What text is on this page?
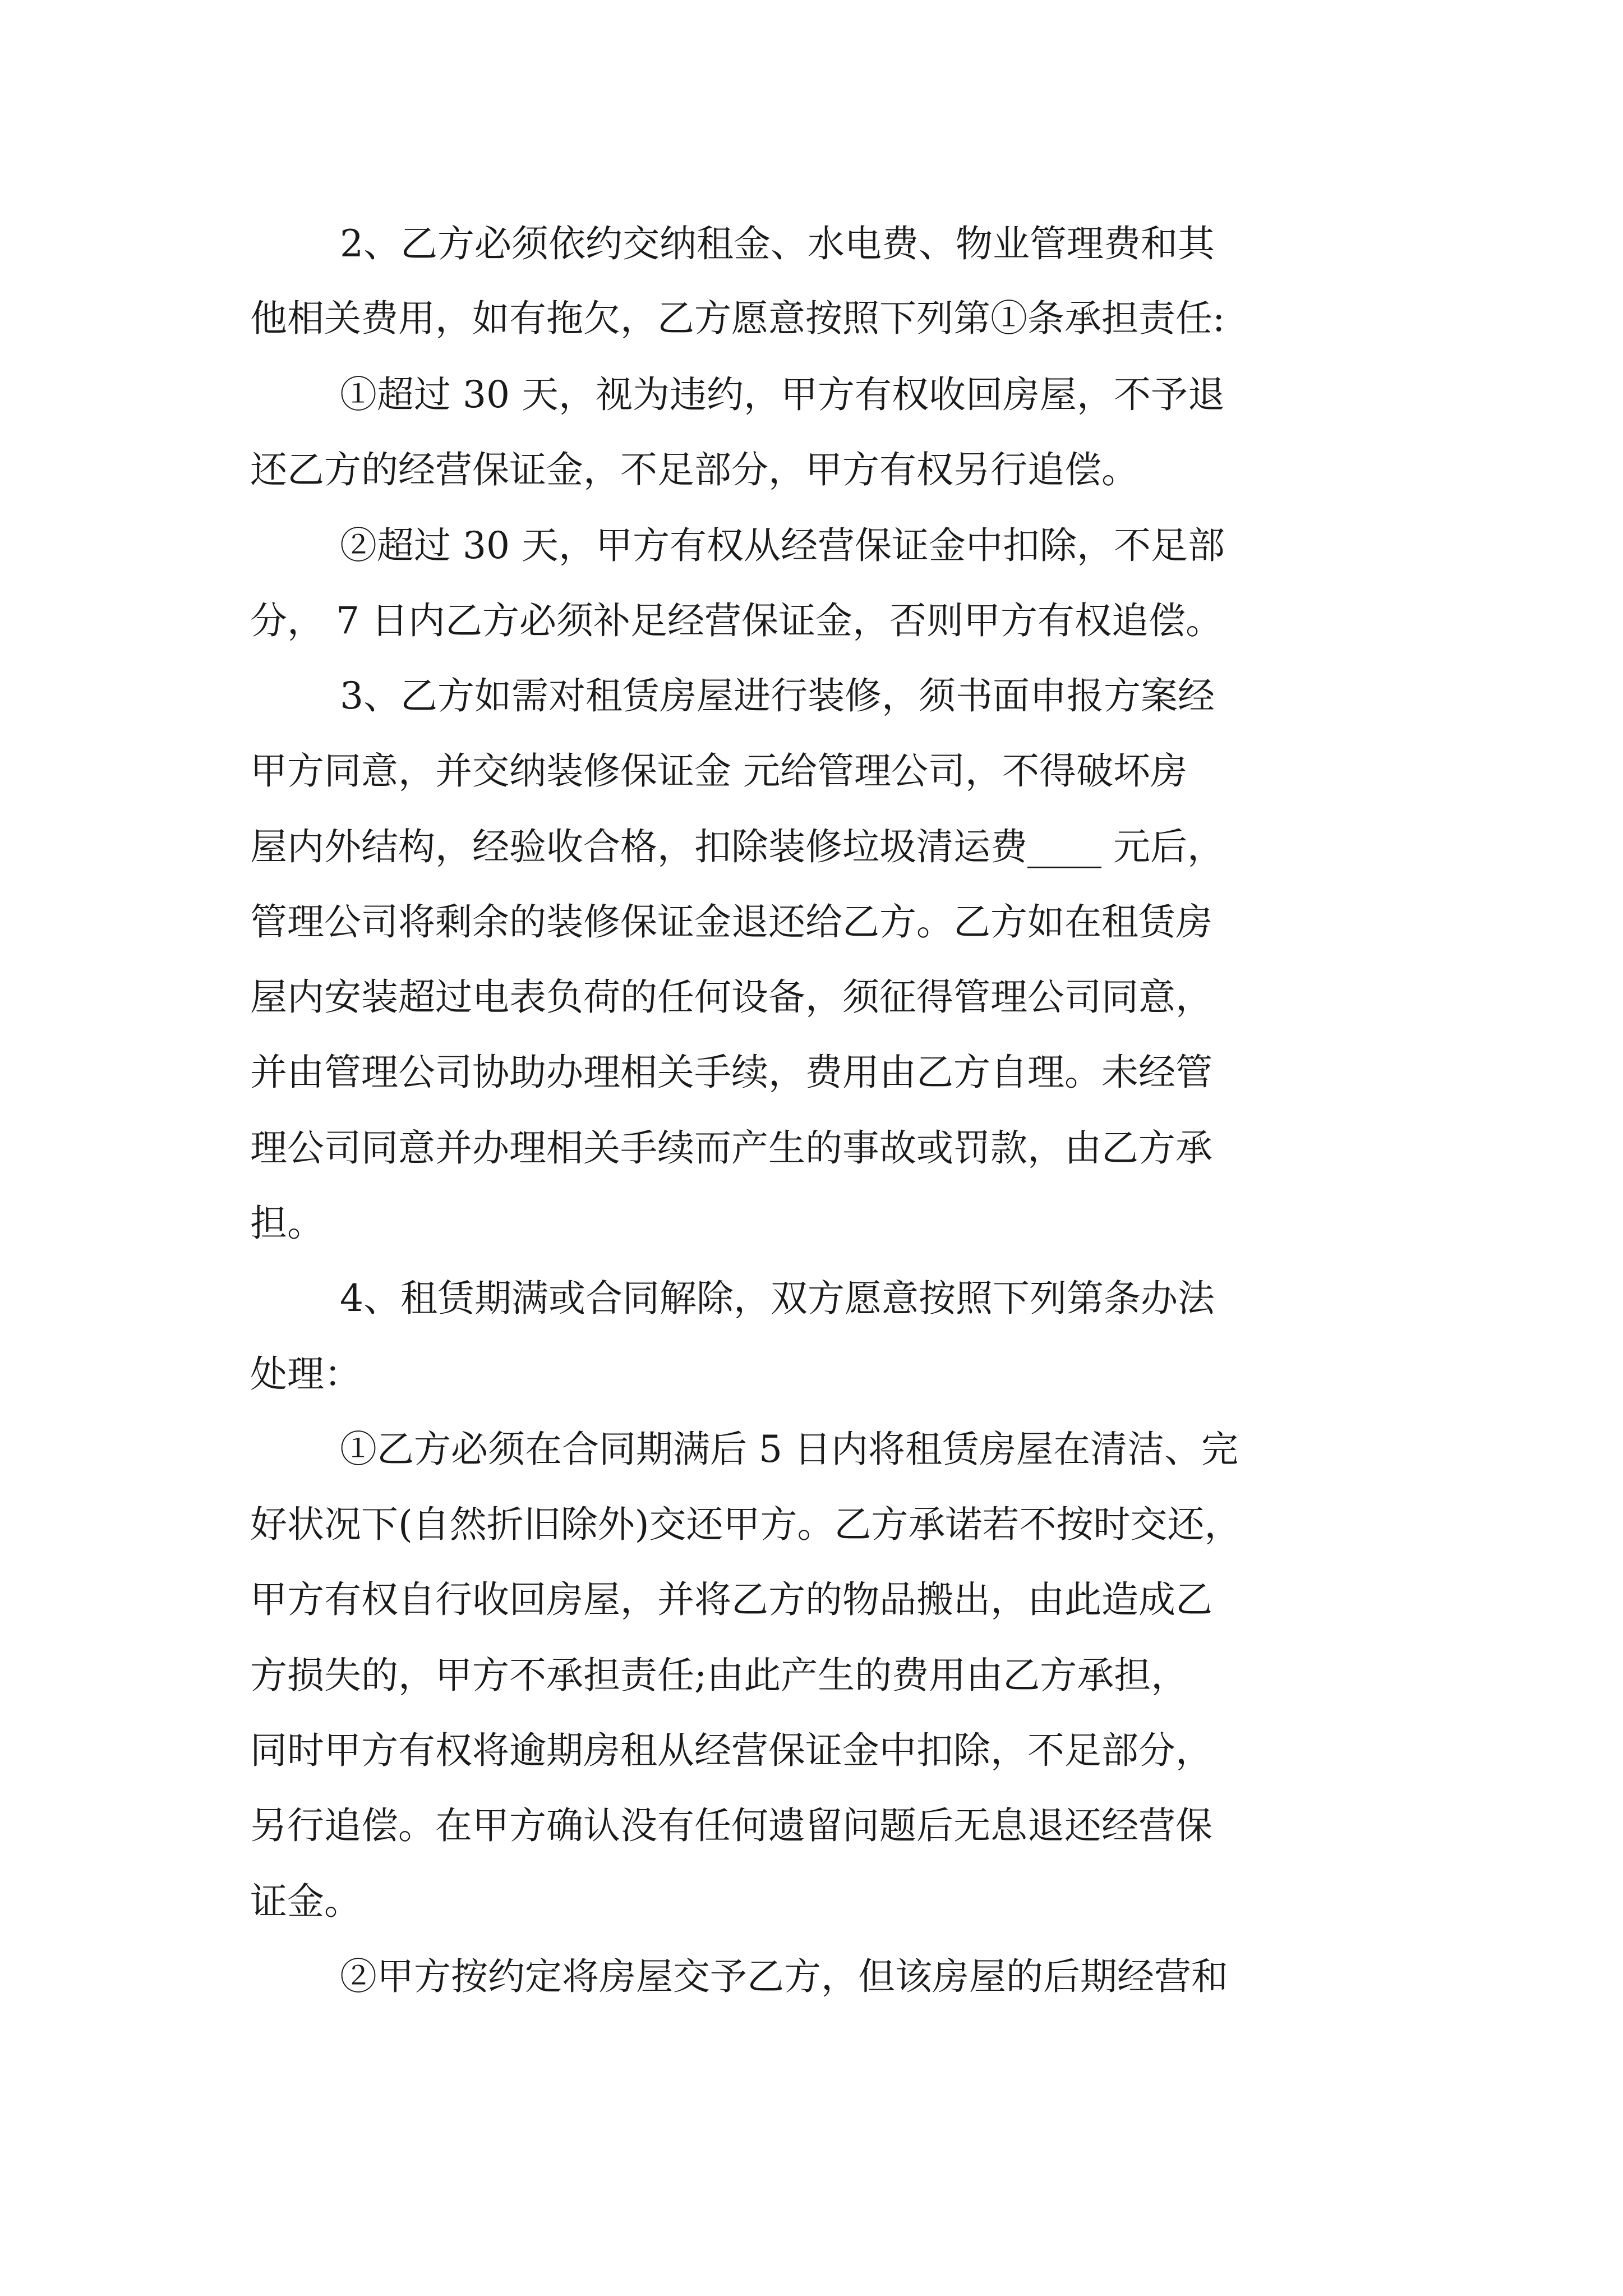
2、乙方必须依约交纳租金、水电费、物业管理费和其
他相关费用，如有拖欠，乙方愿意按照下列第①条承担责任:
①超过 30 天，视为违约，甲方有权收回房屋，不予退
还乙方的经营保证金，不足部分，甲方有权另行追偿。
②超过 30 天，甲方有权从经营保证金中扣除，不足部
分， 7 日内乙方必须补足经营保证金，否则甲方有权追偿。
3、乙方如需对租赁房屋进行装修，须书面申报方案经
甲方同意，并交纳装修保证金 元给管理公司，不得破坏房
屋内外结构，经验收合格，扣除装修垃圾清运费____ 元后，
管理公司将剩余的装修保证金退还给乙方。乙方如在租赁房
屋内安装超过电表负荷的任何设备，须征得管理公司同意，
并由管理公司协助办理相关手续，费用由乙方自理。未经管
理公司同意并办理相关手续而产生的事故或罚款，由乙方承
担。
4、租赁期满或合同解除，双方愿意按照下列第条办法
处理：
①乙方必须在合同期满后 5 日内将租赁房屋在清洁、完
好状况下(自然折旧除外)交还甲方。乙方承诺若不按时交还，
甲方有权自行收回房屋，并将乙方的物品搬出，由此造成乙
方损失的，甲方不承担责任;由此产生的费用由乙方承担，
同时甲方有权将逾期房租从经营保证金中扣除，不足部分，
另行追偿。在甲方确认没有任何遗留问题后无息退还经营保
证金。
②甲方按约定将房屋交予乙方，但该房屋的后期经营和
